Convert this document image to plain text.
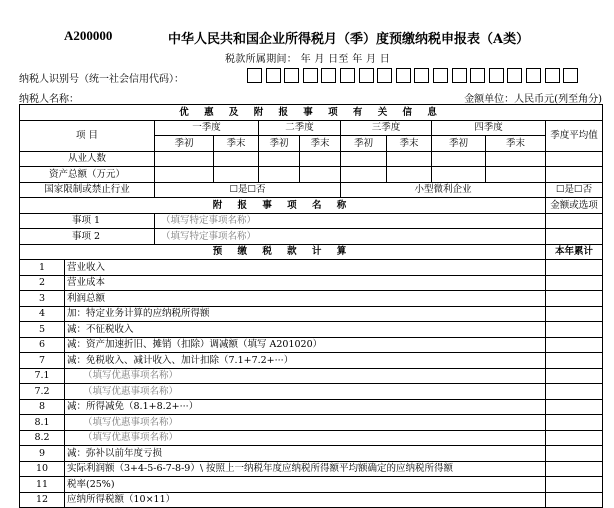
A200000	中华人民共和国企业所得税月（季）度预缴纳税申报表（A类）
税款所属期间： 年 月 日至 年 月 日
纳税人识别号（统一社会信用代码）：
纳税人名称：	金额单位：人民币元(列至角分)
优 惠 及 附 报 事 项 有 关 信 息										
项 目		一季度		二季度		三季度		四季度		季度平均值
		季初	季末	季初	季末	季初	季末	季初	季末	
从业人数										
资产总额（万元）										
国家限制或禁止行业		☐是☐否				小型微利企业				☐是☐否
附 报 事 项 名 称										金额或选项
事项 1		（填写特定事项名称）								
事项 2		（填写特定事项名称）								
预 缴 税 款 计 算										本年累计
1	营业收入									
2	营业成本									
3	利润总额									
4	加：特定业务计算的应纳税所得额									
5	减：不征税收入									
6	减：资产加速折旧、摊销（扣除）调减额（填写 A201020）									
7	减：免税收入、减计收入、加计扣除（7.1+7.2+···）									
7.1	（填写优惠事项名称）									
7.2	（填写优惠事项名称）									
8	减：所得减免（8.1+8.2+···）									
8.1	（填写优惠事项名称）									
8.2	（填写优惠事项名称）									
9	减：弥补以前年度亏损									
10	实际利润额（3+4-5-6-7-8-9）\ 按照上一纳税年度应纳税所得额平均额确定的应纳税所得额									
11	税率(25%)									
12	应纳所得税额（10×11）									
